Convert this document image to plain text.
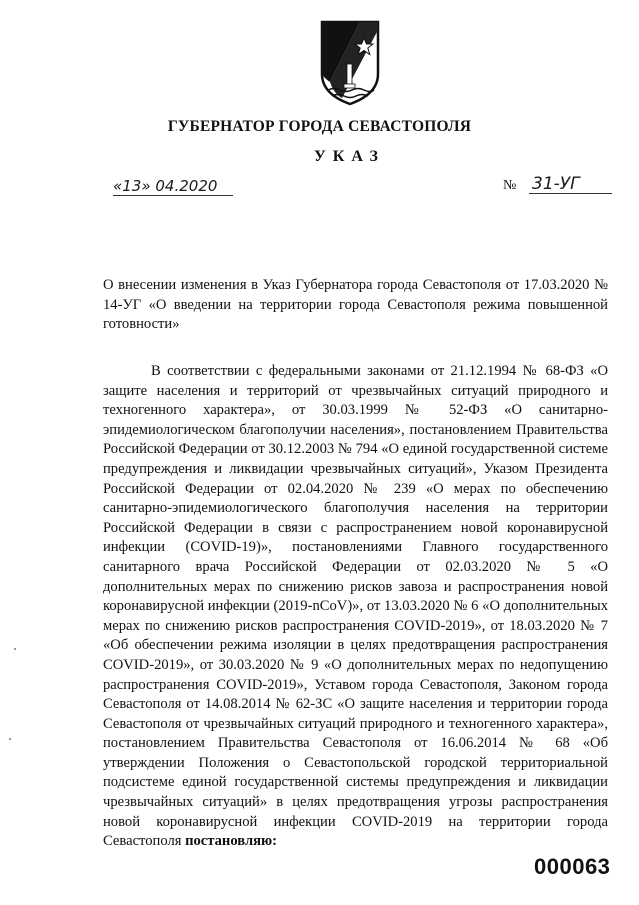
ГУБЕРНАТОР ГОРОДА СЕВАСТОПОЛЯ
УКАЗ
«13» 04.2020	№ 31-УГ
О внесении изменения в Указ Губернатора города Севастополя от 17.03.2020 № 14-УГ «О введении на территории города Севастополя режима повышенной готовности»
В соответствии с федеральными законами от 21.12.1994 № 68-ФЗ «О защите населения и территорий от чрезвычайных ситуаций природного и техногенного характера», от 30.03.1999 № 52-ФЗ «О санитарно-эпидемиологическом благополучии населения», постановлением Правительства Российской Федерации от 30.12.2003 № 794 «О единой государственной системе предупреждения и ликвидации чрезвычайных ситуаций», Указом Президента Российской Федерации от 02.04.2020 № 239 «О мерах по обеспечению санитарно-эпидемиологического благополучия населения на территории Российской Федерации в связи с распространением новой коронавирусной инфекции (COVID-19)», постановлениями Главного государственного санитарного врача Российской Федерации от 02.03.2020 № 5 «О дополнительных мерах по снижению рисков завоза и распространения новой коронавирусной инфекции (2019-nCoV)», от 13.03.2020 № 6 «О дополнительных мерах по снижению рисков распространения COVID-2019», от 18.03.2020 № 7 «Об обеспечении режима изоляции в целях предотвращения распространения COVID-2019», от 30.03.2020 № 9 «О дополнительных мерах по недопущению распространения COVID-2019», Уставом города Севастополя, Законом города Севастополя от 14.08.2014 № 62-ЗС «О защите населения и территории города Севастополя от чрезвычайных ситуаций природного и техногенного характера», постановлением Правительства Севастополя от 16.06.2014 № 68 «Об утверждении Положения о Севастопольской городской территориальной подсистеме единой государственной системы предупреждения и ликвидации чрезвычайных ситуаций» в целях предотвращения угрозы распространения новой коронавирусной инфекции COVID-2019 на территории города Севастополя постановляю:
000063
